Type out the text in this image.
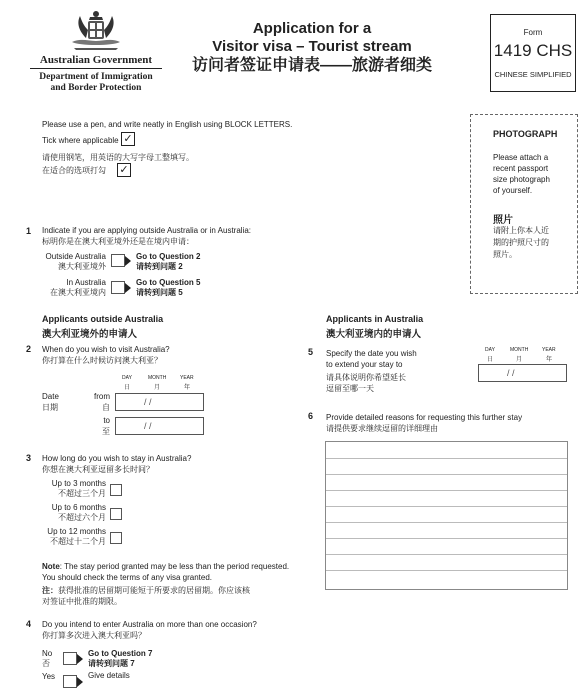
Australian Government
Department of Immigration
and Border Protection
Application for a
Visitor visa – Tourist stream
访问者签证申请表——旅游者细类
Form
1419 CHS
CHINESE SIMPLIFIED
Please use a pen, and write neatly in English using BLOCK LETTERS.
Tick where applicable ✓
请使用钢笔，用英语的大写字母工整填写。
在适合的选项打勾 ✓
PHOTOGRAPH
Please attach a
recent passport
size photograph
of yourself.
照片
请附上你本人近
期的护照尺寸的
照片。
1 Indicate if you are applying outside Australia or in Australia:
标明你是在澳大利亚境外还是在境内申请：
Outside Australia
澳大利亚境外
Go to Question 2
请转到问题 2
In Australia
在澳大利亚境内
Go to Question 5
请转到问题 5
Applicants outside Australia
澳大利亚境外的申请人
Applicants in Australia
澳大利亚境内的申请人
2 When do you wish to visit Australia?
你打算在什么时候访问澳大利亚？
DAY
日
MONTH
月
YEAR
年
Date
日期
from
自
/ /
to
至
/ /
3 How long do you wish to stay in Australia?
你想在澳大利亚逗留多长时间？
Up to 3 months
不超过三个月
Up to 6 months
不超过六个月
Up to 12 months
不超过十二个月
Note: The stay period granted may be less than the period requested.
You should check the terms of any visa granted.
注：获得批准的居留期可能短于所要求的居留期。你应该核
对签证中批准的期限。
4 Do you intend to enter Australia on more than one occasion?
你打算多次进入澳大利亚吗？
No
否
Go to Question 7
请转到问题 7
Yes	Give details
5 Specify the date you wish
to extend your stay to
请具体说明你希望延长
逗留至哪一天
DAY
日
MONTH
月
YEAR
年
/ /
6 Provide detailed reasons for requesting this further stay
请提供要求继续逗留的详细理由
